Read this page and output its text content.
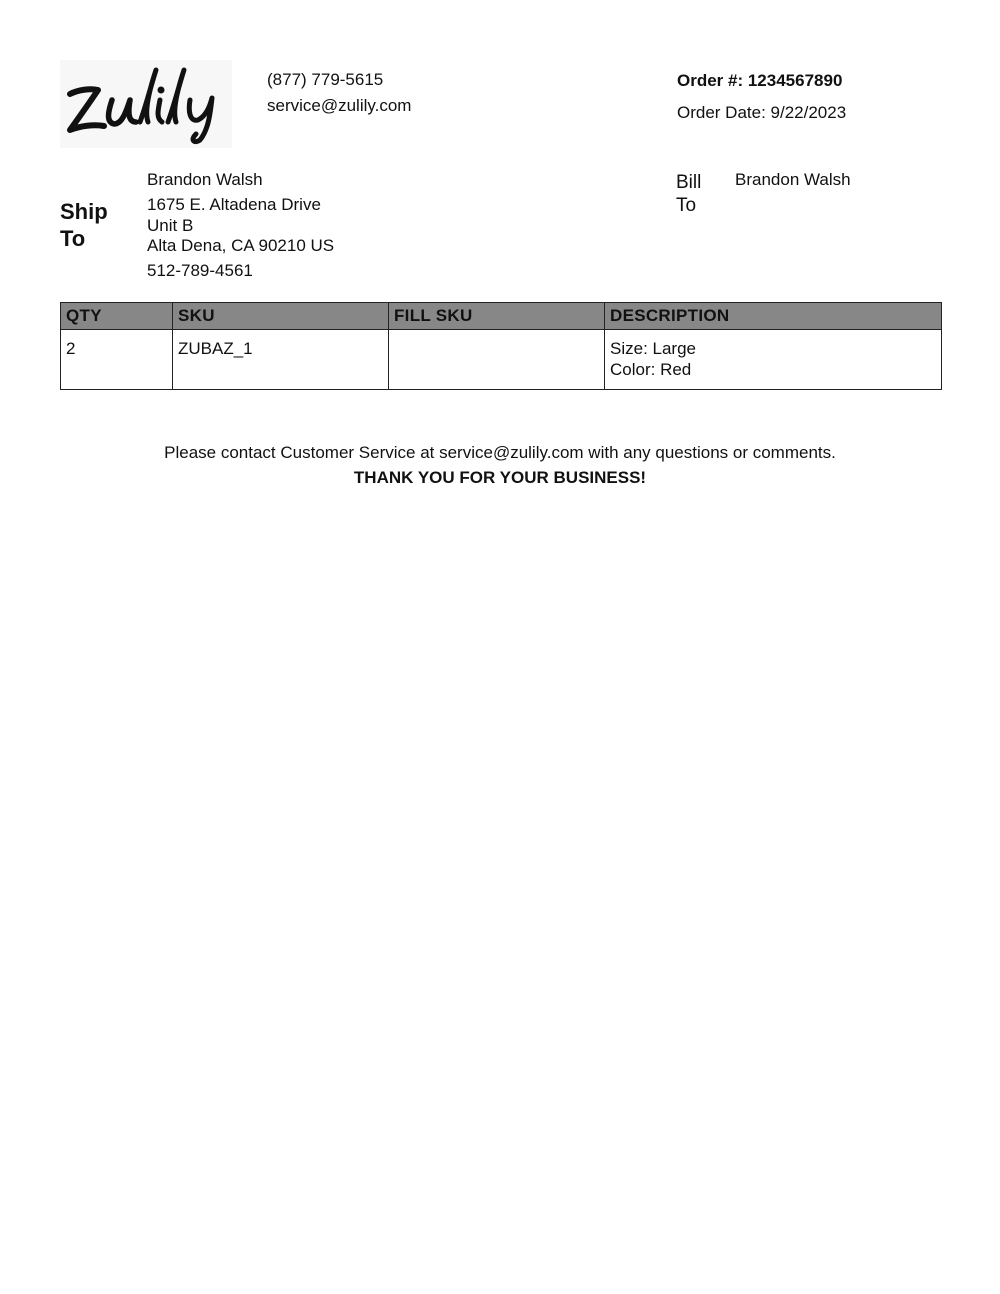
(877) 779-5615
service@zulily.com
Order #: 1234567890
Order Date: 9/22/2023
Ship
To
Brandon Walsh
1675 E. Altadena Drive
Unit B
Alta Dena, CA 90210 US
512-789-4561
Bill
To
Brandon Walsh
QTY	SKU	FILL SKU	DESCRIPTION
2	ZUBAZ_1		Size: Large
Color: Red
Please contact Customer Service at service@zulily.com with any questions or comments.
THANK YOU FOR YOUR BUSINESS!
